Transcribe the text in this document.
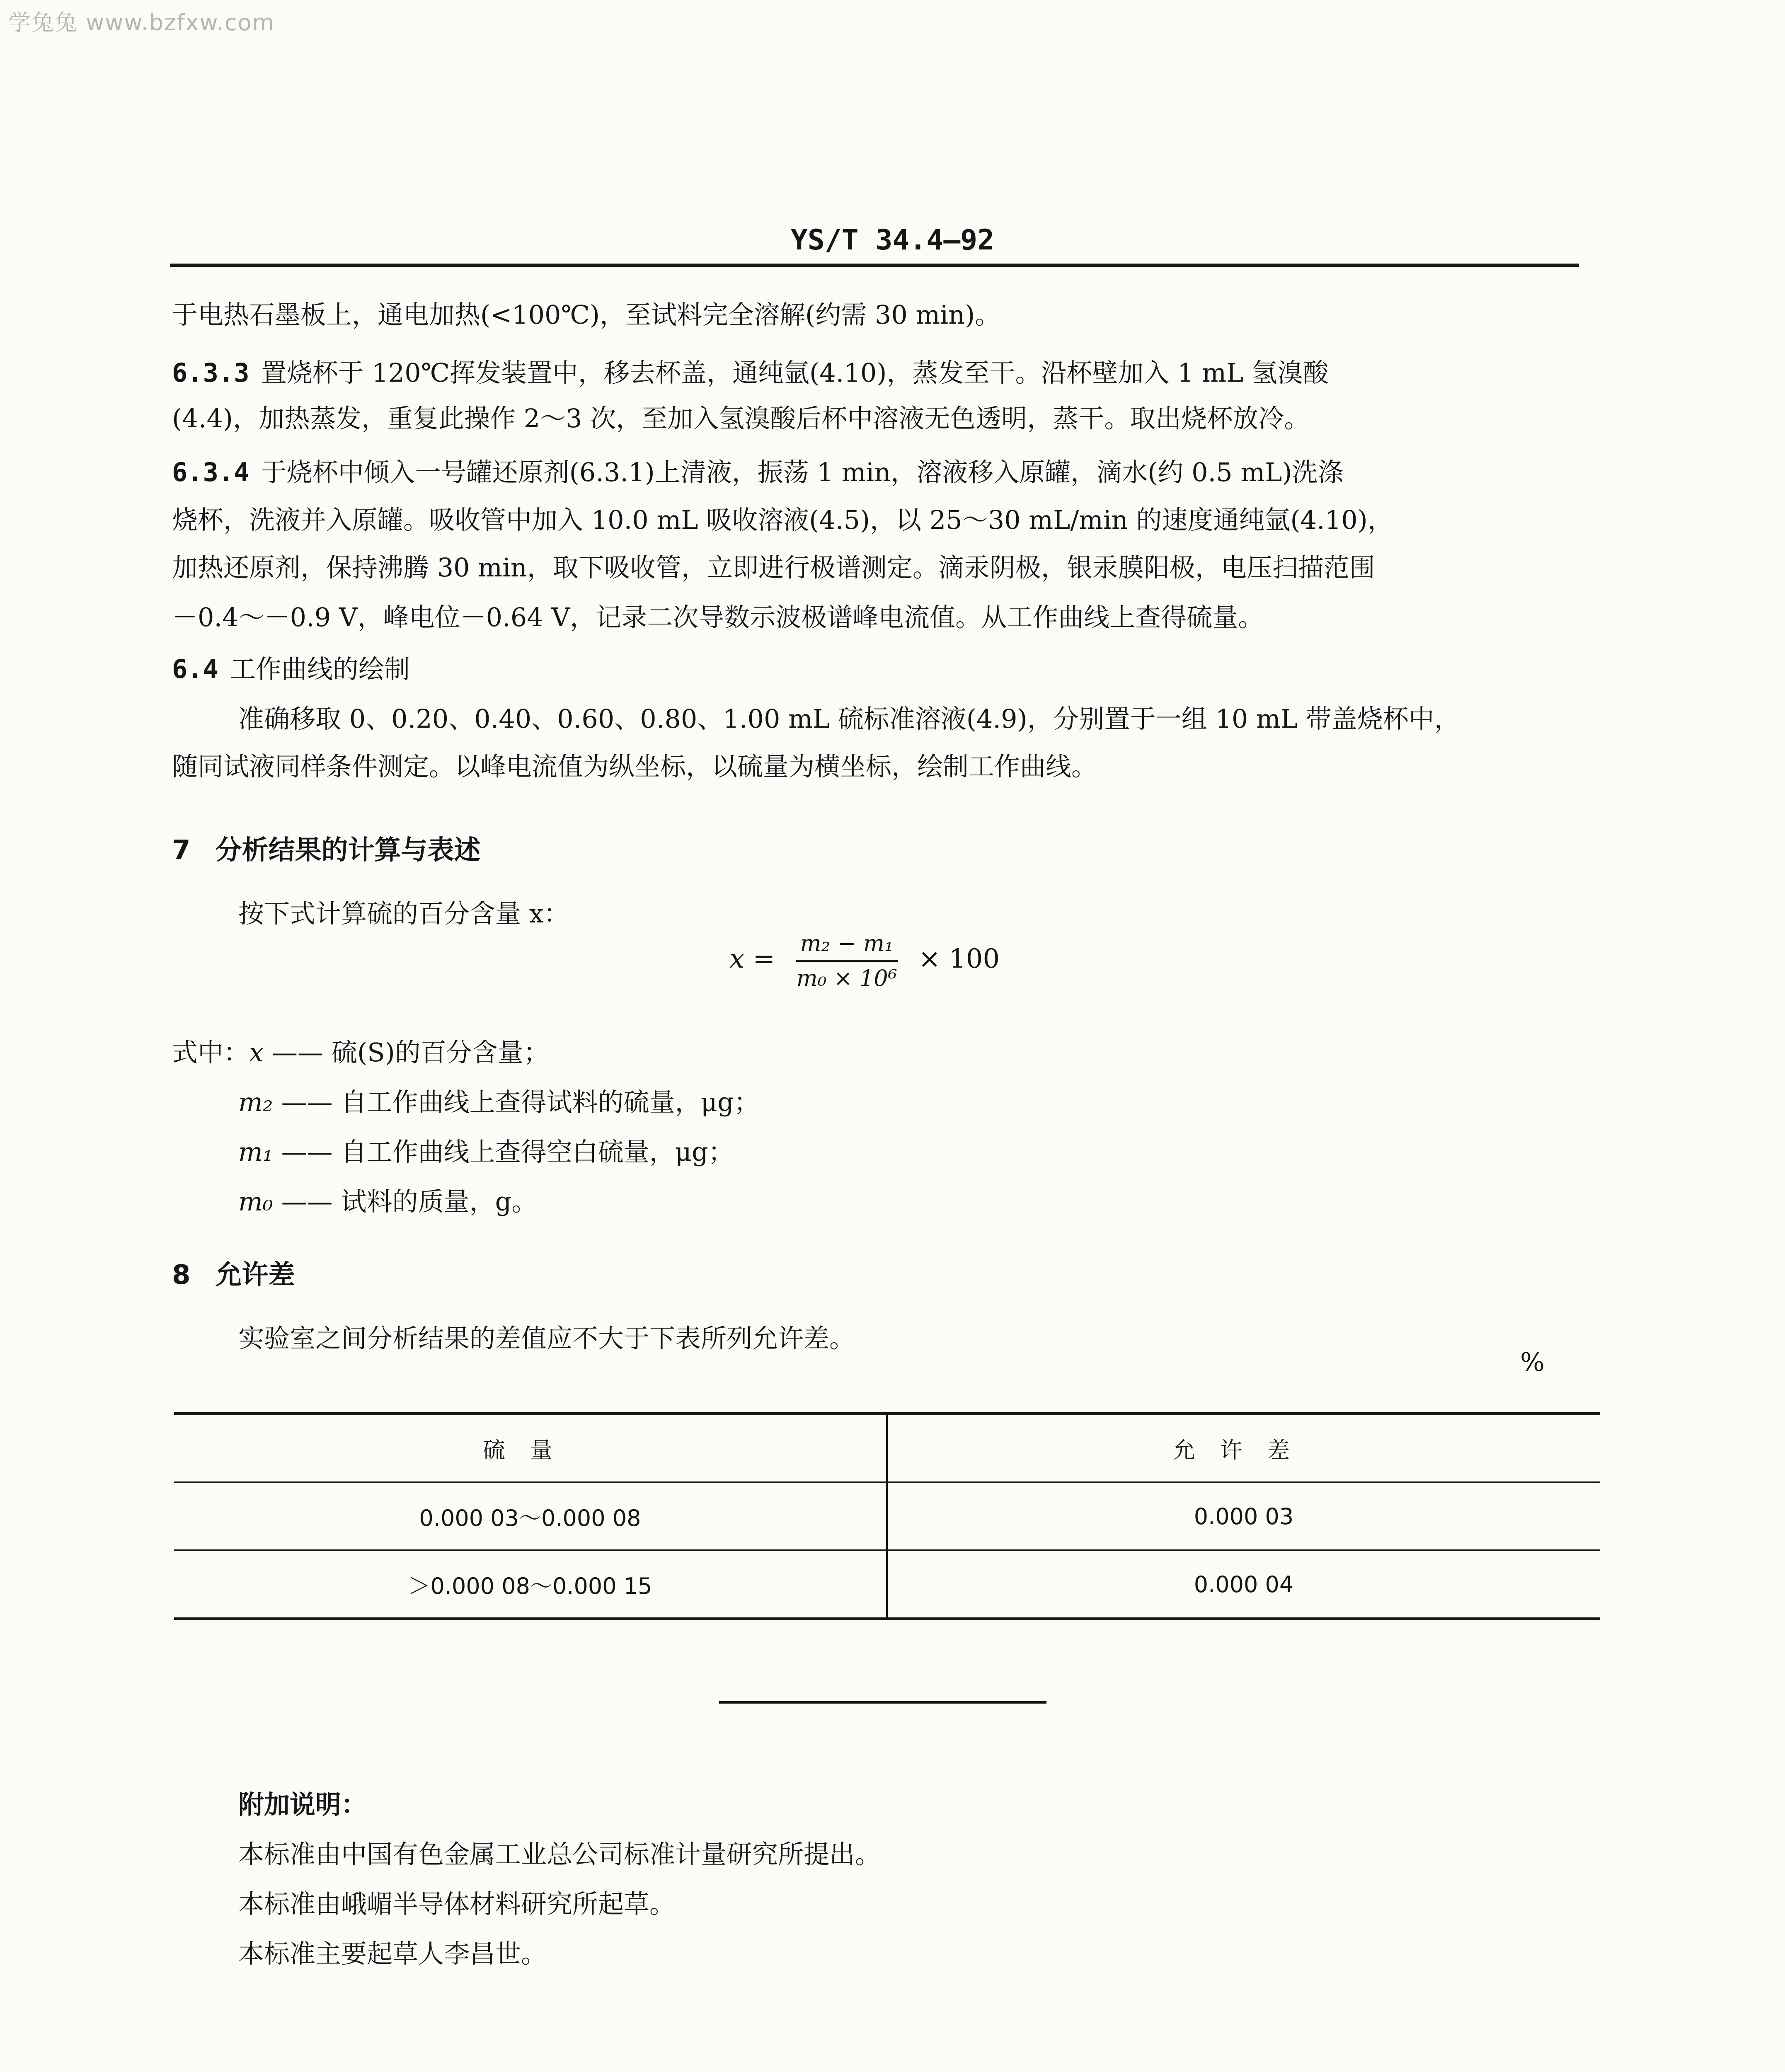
学兔兔 www.bzfxw.com
YS/T 34.4—92
于电热石墨板上，通电加热(<100℃)，至试料完全溶解(约需 30 min)。
6.3.3 置烧杯于 120℃挥发装置中，移去杯盖，通纯氩(4.10)，蒸发至干。沿杯壁加入 1 mL 氢溴酸
(4.4)，加热蒸发，重复此操作 2～3 次，至加入氢溴酸后杯中溶液无色透明，蒸干。取出烧杯放冷。
6.3.4 于烧杯中倾入一号罐还原剂(6.3.1)上清液，振荡 1 min，溶液移入原罐，滴水(约 0.5 mL)洗涤
烧杯，洗液并入原罐。吸收管中加入 10.0 mL 吸收溶液(4.5)，以 25～30 mL/min 的速度通纯氩(4.10)，
加热还原剂，保持沸腾 30 min，取下吸收管，立即进行极谱测定。滴汞阴极，银汞膜阳极，电压扫描范围
－0.4～－0.9 V，峰电位－0.64 V，记录二次导数示波极谱峰电流值。从工作曲线上查得硫量。
6.4 工作曲线的绘制
准确移取 0、0.20、0.40、0.60、0.80、1.00 mL 硫标准溶液(4.9)，分别置于一组 10 mL 带盖烧杯中，
随同试液同样条件测定。以峰电流值为纵坐标，以硫量为横坐标，绘制工作曲线。
7 分析结果的计算与表述
按下式计算硫的百分含量 x：
$x = \frac{\text{m₂ − m₁}}{\text{m₀ × 10⁶}} \times 100$
式中：x —— 硫(S)的百分含量；
m₂ —— 自工作曲线上查得试料的硫量，μg；
m₁ —— 自工作曲线上查得空白硫量，μg；
m₀ —— 试料的质量，g。
8 允许差
实验室之间分析结果的差值应不大于下表所列允许差。
%
硫量	允许差
0.000 03～0.000 08	0.000 03
＞0.000 08～0.000 15	0.000 04
附加说明：
本标准由中国有色金属工业总公司标准计量研究所提出。
本标准由峨嵋半导体材料研究所起草。
本标准主要起草人李昌世。
